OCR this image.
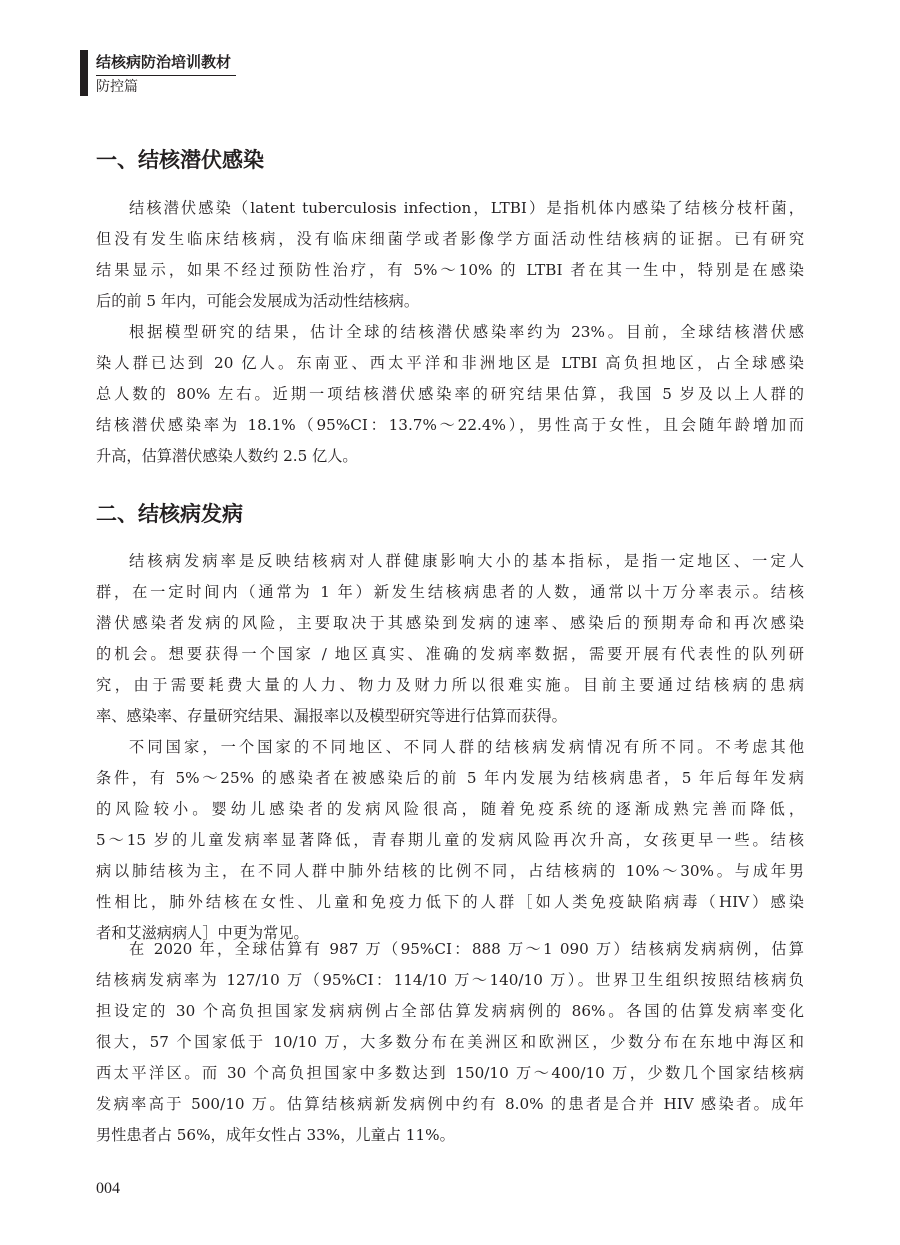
结核病防治培训教材
防控篇
一、结核潜伏感染
结核潜伏感染（latent tuberculosis infection，LTBI）是指机体内感染了结核分枝杆菌，
但没有发生临床结核病，没有临床细菌学或者影像学方面活动性结核病的证据。已有研究
结果显示，如果不经过预防性治疗，有 5%～10% 的 LTBI 者在其一生中，特别是在感染
后的前 5 年内，可能会发展成为活动性结核病。
根据模型研究的结果，估计全球的结核潜伏感染率约为 23%。目前，全球结核潜伏感
染人群已达到 20 亿人。东南亚、西太平洋和非洲地区是 LTBI 高负担地区，占全球感染
总人数的 80% 左右。近期一项结核潜伏感染率的研究结果估算，我国 5 岁及以上人群的
结核潜伏感染率为 18.1%（95%CI：13.7%～22.4%），男性高于女性，且会随年龄增加而
升高，估算潜伏感染人数约 2.5 亿人。
二、结核病发病
结核病发病率是反映结核病对人群健康影响大小的基本指标，是指一定地区、一定人
群，在一定时间内（通常为 1 年）新发生结核病患者的人数，通常以十万分率表示。结核
潜伏感染者发病的风险，主要取决于其感染到发病的速率、感染后的预期寿命和再次感染
的机会。想要获得一个国家 / 地区真实、准确的发病率数据，需要开展有代表性的队列研
究，由于需要耗费大量的人力、物力及财力所以很难实施。目前主要通过结核病的患病
率、感染率、存量研究结果、漏报率以及模型研究等进行估算而获得。
不同国家，一个国家的不同地区、不同人群的结核病发病情况有所不同。不考虑其他
条件，有 5%～25% 的感染者在被感染后的前 5 年内发展为结核病患者，5 年后每年发病
的风险较小。婴幼儿感染者的发病风险很高，随着免疫系统的逐渐成熟完善而降低，
5～15 岁的儿童发病率显著降低，青春期儿童的发病风险再次升高，女孩更早一些。结核
病以肺结核为主，在不同人群中肺外结核的比例不同，占结核病的 10%～30%。与成年男
性相比，肺外结核在女性、儿童和免疫力低下的人群［如人类免疫缺陷病毒（HIV）感染
者和艾滋病病人］中更为常见。
在 2020 年，全球估算有 987 万（95%CI：888 万～1 090 万）结核病发病病例，估算
结核病发病率为 127/10 万（95%CI：114/10 万～140/10 万）。世界卫生组织按照结核病负
担设定的 30 个高负担国家发病病例占全部估算发病病例的 86%。各国的估算发病率变化
很大，57 个国家低于 10/10 万，大多数分布在美洲区和欧洲区，少数分布在东地中海区和
西太平洋区。而 30 个高负担国家中多数达到 150/10 万～400/10 万，少数几个国家结核病
发病率高于 500/10 万。估算结核病新发病例中约有 8.0% 的患者是合并 HIV 感染者。成年
男性患者占 56%，成年女性占 33%，儿童占 11%。
004
